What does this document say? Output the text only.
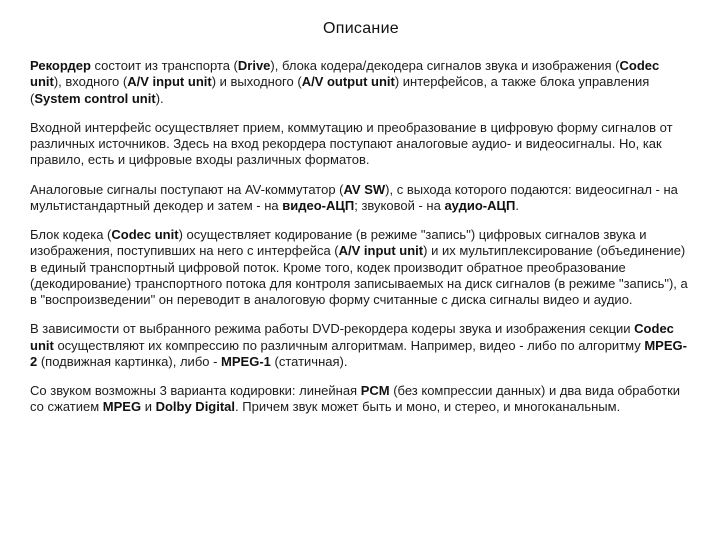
Описание

Рекордер состоит из транспорта (Drive), блока кодера/декодера сигналов звука и изображения (Codec unit), входного (A/V input unit) и выходного (A/V output unit) интерфейсов, а также блока управления (System control unit).

Входной интерфейс осуществляет прием, коммутацию и преобразование в цифровую форму сигналов от различных источников. Здесь на вход рекордера поступают аналоговые аудио- и видеосигналы. Но, как правило, есть и цифровые входы различных форматов.

Аналоговые сигналы поступают на AV-коммутатор (AV SW), с выхода которого подаются: видеосигнал - на мультистандартный декодер и затем - на видео-АЦП; звуковой - на аудио-АЦП.

Блок кодека (Codec unit) осуществляет кодирование (в режиме "запись") цифровых сигналов звука и изображения, поступивших на него с интерфейса (A/V input unit) и их мультиплексирование (объединение) в единый транспортный цифровой поток. Кроме того, кодек производит обратное преобразование (декодирование) транспортного потока для контроля записываемых на диск сигналов (в режиме "запись"), а в "воспроизведении" он переводит в аналоговую форму считанные с диска сигналы видео и аудио.

В зависимости от выбранного режима работы DVD-рекордера кодеры звука и изображения секции Codec unit осуществляют их компрессию по различным алгоритмам. Например, видео - либо по алгоритму MPEG-2 (подвижная картинка), либо - MPEG-1 (статичная).

Со звуком возможны 3 варианта кодировки: линейная PCM (без компрессии данных) и два вида обработки со сжатием MPEG и Dolby Digital. Причем звук может быть и моно, и стерео, и многоканальным.
